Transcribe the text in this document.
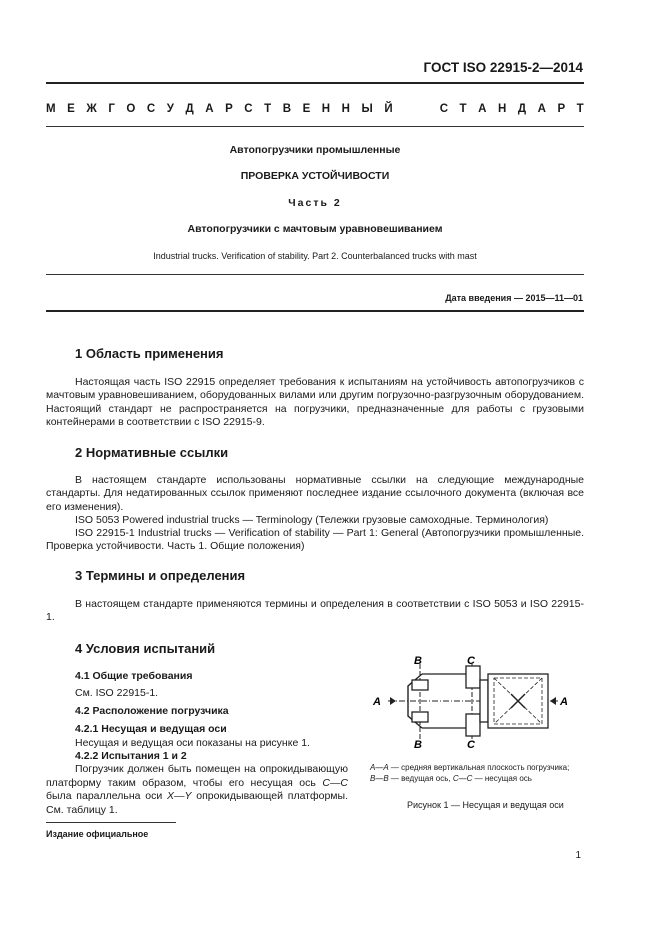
ГОСТ ISO 22915-2—2014
М Е Ж Г О С У Д А Р С Т В Е Н Н Ы Й	С Т А Н Д А Р Т
Автопогрузчики промышленные
ПРОВЕРКА УСТОЙЧИВОСТИ
Часть 2
Автопогрузчики с мачтовым уравновешиванием
Industrial trucks. Verification of stability. Part 2. Counterbalanced trucks with mast
Дата введения — 2015—11—01
1 Область применения

Настоящая часть ISO 22915 определяет требования к испытаниям на устойчивость автопогрузчиков с мачтовым уравновешиванием, оборудованных вилами или другим погрузочно-разгрузочным оборудованием. Настоящий стандарт не распространяется на погрузчики, предназначенные для работы с грузовыми контейнерами в соответствии с ISO 22915-9.

2 Нормативные ссылки

В настоящем стандарте использованы нормативные ссылки на следующие международные стандарты. Для недатированных ссылок применяют последнее издание ссылочного документа (включая все его изменения).

ISO 5053 Powered industrial trucks — Terminology (Тележки грузовые самоходные. Терминология)

ISO 22915-1 Industrial trucks — Verification of stability — Part 1: General (Автопогрузчики промышленные. Проверка устойчивости. Часть 1. Общие положения)

3 Термины и определения

В настоящем стандарте применяются термины и определения в соответствии с ISO 5053 и ISO 22915-1.

4 Условия испытаний
4.1 Общие требования
См. ISO 22915-1.
4.2 Расположение погрузчика
4.2.1 Несущая и ведущая оси
Несущая и ведущая оси показаны на рисунке 1.
4.2.2 Испытания 1 и 2

Погрузчик должен быть помещен на опрокидывающую платформу таким образом, чтобы его несущая ось C—C была параллельна оси X—Y опрокидывающей платформы. См. таблицу 1.

A	A
B
B
C
C
A—A — средняя вертикальная плоскость погрузчика;
B—B — ведущая ось, C—C — несущая ось
Рисунок 1 — Несущая и ведущая оси
Издание официальное
1
